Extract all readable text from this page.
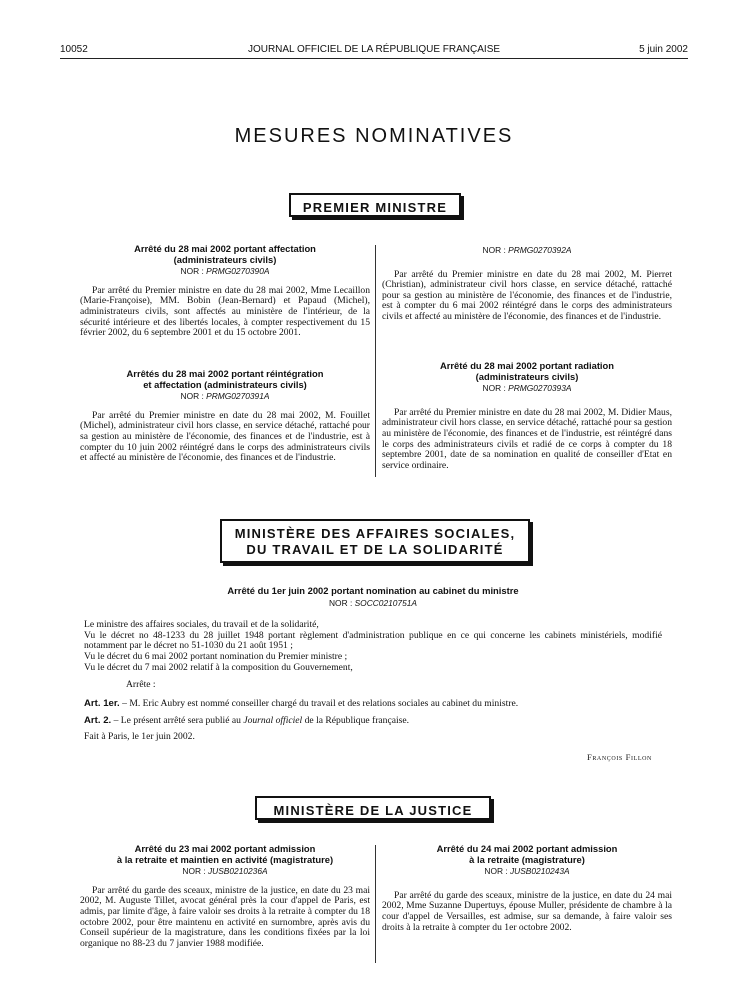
10052	JOURNAL OFFICIEL DE LA RÉPUBLIQUE FRANÇAISE	5 juin 2002
MESURES NOMINATIVES
PREMIER MINISTRE
Arrêté du 28 mai 2002 portant affectation
(administrateurs civils)
NOR : PRMG0270390A

Par arrêté du Premier ministre en date du 28 mai 2002, Mme Lecaillon (Marie-Françoise), MM. Bobin (Jean-Bernard) et Papaud (Michel), administrateurs civils, sont affectés au ministère de l'intérieur, de la sécurité intérieure et des libertés locales, à compter respectivement du 15 février 2002, du 6 septembre 2001 et du 15 octobre 2001.

Arrêtés du 28 mai 2002 portant réintégration
et affectation (administrateurs civils)
NOR : PRMG0270391A

Par arrêté du Premier ministre en date du 28 mai 2002, M. Fouillet (Michel), administrateur civil hors classe, en service détaché, rattaché pour sa gestion au ministère de l'économie, des finances et de l'industrie, est à compter du 10 juin 2002 réintégré dans le corps des administrateurs civils et affecté au ministère de l'économie, des finances et de l'industrie.

NOR : PRMG0270392A

Par arrêté du Premier ministre en date du 28 mai 2002, M. Pierret (Christian), administrateur civil hors classe, en service détaché, rattaché pour sa gestion au ministère de l'économie, des finances et de l'industrie, est à compter du 6 mai 2002 réintégré dans le corps des administrateurs civils et affecté au ministère de l'économie, des finances et de l'industrie.

Arrêté du 28 mai 2002 portant radiation
(administrateurs civils)
NOR : PRMG0270393A

Par arrêté du Premier ministre en date du 28 mai 2002, M. Didier Maus, administrateur civil hors classe, en service détaché, rattaché pour sa gestion au ministère de l'économie, des finances et de l'industrie, est réintégré dans le corps des administrateurs civils et radié de ce corps à compter du 18 septembre 2001, date de sa nomination en qualité de conseiller d'Etat en service ordinaire.

MINISTÈRE DES AFFAIRES SOCIALES,
DU TRAVAIL ET DE LA SOLIDARITÉ
Arrêté du 1er juin 2002 portant nomination au cabinet du ministre
NOR : SOCC0210751A

Le ministre des affaires sociales, du travail et de la solidarité,

Vu le décret no 48-1233 du 28 juillet 1948 portant règlement d'administration publique en ce qui concerne les cabinets ministériels, modifié notamment par le décret no 51-1030 du 21 août 1951 ;

Vu le décret du 6 mai 2002 portant nomination du Premier ministre ;

Vu le décret du 7 mai 2002 relatif à la composition du Gouvernement,

Arrête :

Art. 1er. – M. Eric Aubry est nommé conseiller chargé du travail et des relations sociales au cabinet du ministre.

Art. 2. – Le présent arrêté sera publié au Journal officiel de la République française.

Fait à Paris, le 1er juin 2002.

François Fillon
MINISTÈRE DE LA JUSTICE
Arrêté du 23 mai 2002 portant admission
à la retraite et maintien en activité (magistrature)
NOR : JUSB0210236A

Par arrêté du garde des sceaux, ministre de la justice, en date du 23 mai 2002, M. Auguste Tillet, avocat général près la cour d'appel de Paris, est admis, par limite d'âge, à faire valoir ses droits à la retraite à compter du 18 octobre 2002, pour être maintenu en activité en surnombre, après avis du Conseil supérieur de la magistrature, dans les conditions fixées par la loi organique no 88-23 du 7 janvier 1988 modifiée.

Arrêté du 24 mai 2002 portant admission
à la retraite (magistrature)
NOR : JUSB0210243A

Par arrêté du garde des sceaux, ministre de la justice, en date du 24 mai 2002, Mme Suzanne Dupertuys, épouse Muller, présidente de chambre à la cour d'appel de Versailles, est admise, sur sa demande, à faire valoir ses droits à la retraite à compter du 1er octobre 2002.
